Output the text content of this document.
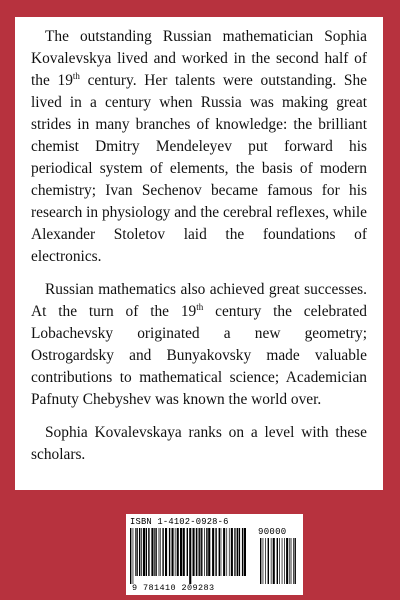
The outstanding Russian mathematician Sophia Kovalevskya lived and worked in the second half of the 19th century. Her talents were outstanding. She lived in a century when Russia was making great strides in many branches of knowledge: the brilliant chemist Dmitry Mendeleyev put forward his periodical system of elements, the basis of modern chemistry; Ivan Sechenov became famous for his research in physiology and the cerebral reflexes, while Alexander Stoletov laid the foundations of electronics.

Russian mathematics also achieved great successes. At the turn of the 19th century the celebrated Lobachevsky originated a new geometry; Ostrogardsky and Bunyakovsky made valuable contributions to mathematical science; Academician Pafnuty Chebyshev was known the world over.

Sophia Kovalevskaya ranks on a level with these scholars.

ISBN 1-4102-0928-6
90000
9 781410 209283
